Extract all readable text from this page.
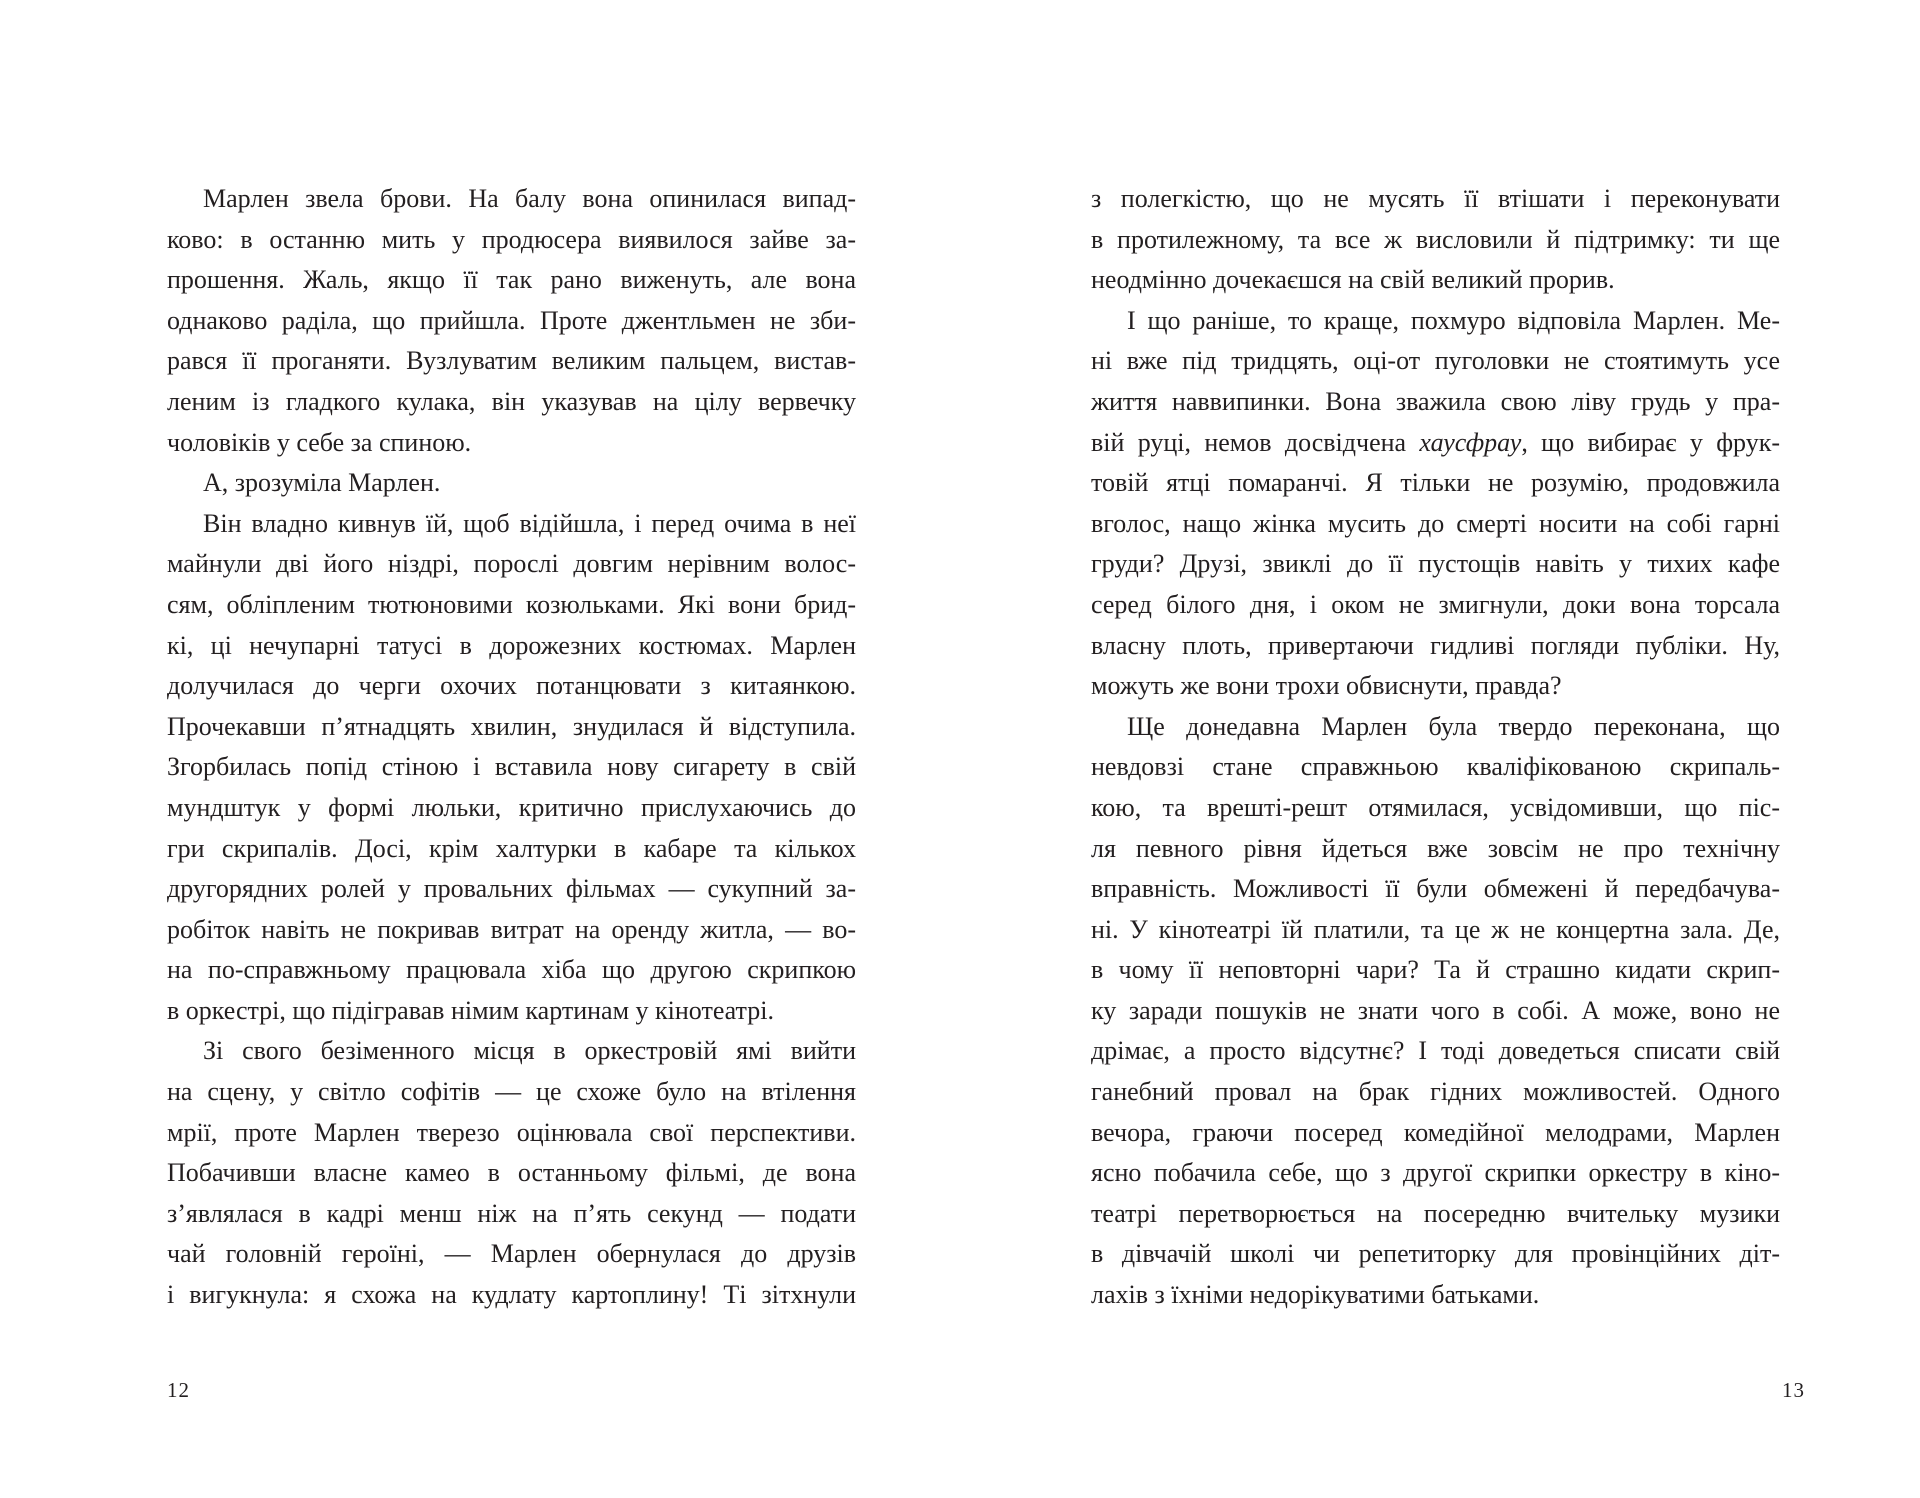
Марлен звела брови. На балу вона опинилася випад-
ково: в останню мить у продюсера виявилося зайве за-
прошення. Жаль, якщо її так рано виженуть, але вона
однаково раділа, що прийшла. Проте джентльмен не зби-
рався її проганяти. Вузлуватим великим пальцем, вистав-
леним із гладкого кулака, він указував на цілу вервечку
чоловіків у себе за спиною.
А, зрозуміла Марлен.
Він владно кивнув їй, щоб відійшла, і перед очима в неї
майнули дві його ніздрі, порослі довгим нерівним волос-
сям, обліпленим тютюновими козюльками. Які вони брид-
кі, ці нечупарні татусі в дорожезних костюмах. Марлен
долучилася до черги охочих потанцювати з китаянкою.
Прочекавши п’ятнадцять хвилин, знудилася й відступила.
Згорбилась попід стіною і вставила нову сигарету в свій
мундштук у формі люльки, критично прислухаючись до
гри скрипалів. Досі, крім халтурки в кабаре та кількох
другорядних ролей у провальних фільмах — сукупний за-
робіток навіть не покривав витрат на оренду житла, — во-
на по-справжньому працювала хіба що другою скрипкою
в оркестрі, що підігравав німим картинам у кінотеатрі.
Зі свого безіменного місця в оркестровій ямі вийти
на сцену, у світло софітів — це схоже було на втілення
мрії, проте Марлен тверезо оцінювала свої перспективи.
Побачивши власне камео в останньому фільмі, де вона
з’являлася в кадрі менш ніж на п’ять секунд — подати
чай головній героїні, — Марлен обернулася до друзів
і вигукнула: я схожа на кудлату картоплину! Ті зітхнули
з полегкістю, що не мусять її втішати і переконувати
в протилежному, та все ж висловили й підтримку: ти ще
неодмінно дочекаєшся на свій великий прорив.
І що раніше, то краще, похмуро відповіла Марлен. Ме-
ні вже під тридцять, оці-от пуголовки не стоятимуть усе
життя наввипинки. Вона зважила свою ліву грудь у пра-
вій руці, немов досвідчена хаусфрау, що вибирає у фрук-
товій ятці помаранчі. Я тільки не розумію, продовжила
вголос, нащо жінка мусить до смерті носити на собі гарні
груди? Друзі, звиклі до її пустощів навіть у тихих кафе
серед білого дня, і оком не змигнули, доки вона торсала
власну плоть, привертаючи гидливі погляди публіки. Ну,
можуть же вони трохи обвиснути, правда?
Ще донедавна Марлен була твердо переконана, що
невдовзі стане справжньою кваліфікованою скрипаль-
кою, та врешті-решт отямилася, усвідомивши, що піс-
ля певного рівня йдеться вже зовсім не про технічну
вправність. Можливості її були обмежені й передбачува-
ні. У кінотеатрі їй платили, та це ж не концертна зала. Де,
в чому її неповторні чари? Та й страшно кидати скрип-
ку заради пошуків не знати чого в собі. А може, воно не
дрімає, а просто відсутнє? І тоді доведеться списати свій
ганебний провал на брак гідних можливостей. Одного
вечора, граючи посеред комедійної мелодрами, Марлен
ясно побачила себе, що з другої скрипки оркестру в кіно-
театрі перетворюється на посередню вчительку музики
в дівчачій школі чи репетиторку для провінційних діт-
лахів з їхніми недорікуватими батьками.
12	13
